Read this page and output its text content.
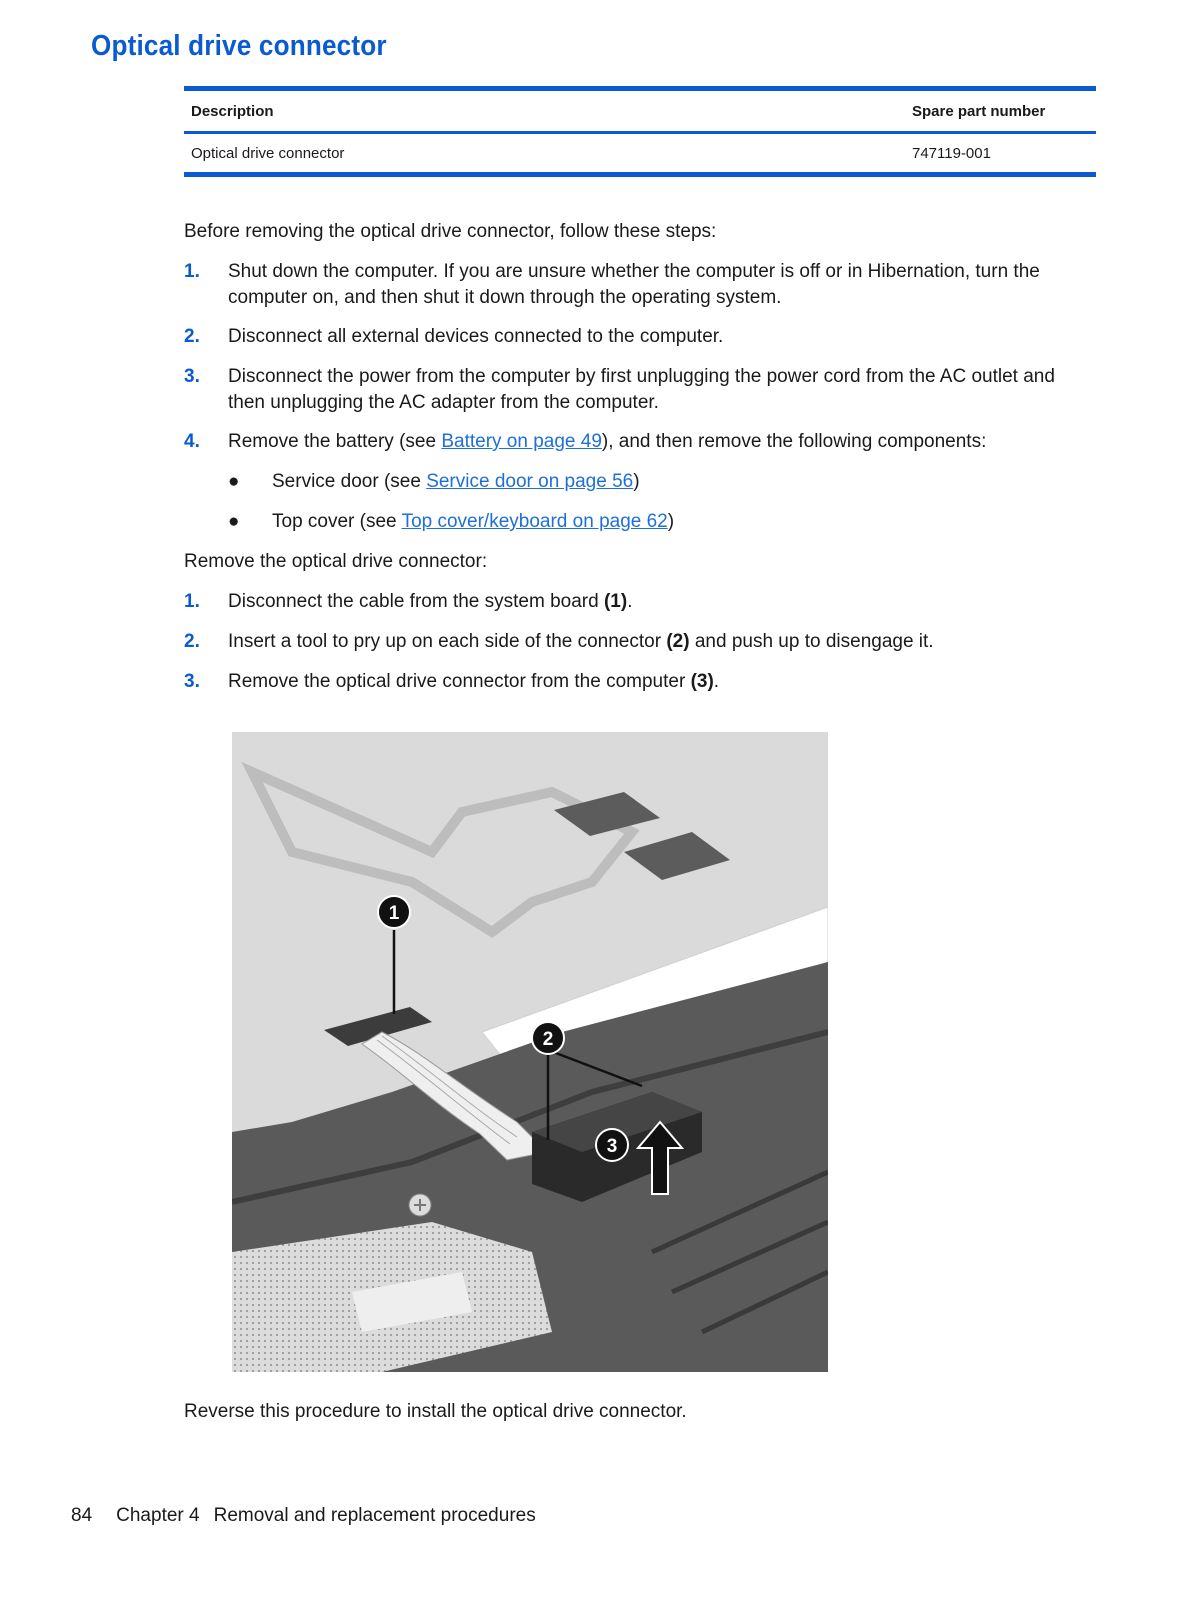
Optical drive connector
Description	Spare part number
Optical drive connector	747119-001

Before removing the optical drive connector, follow these steps:

1. Shut down the computer. If you are unsure whether the computer is off or in Hibernation, turn the computer on, and then shut it down through the operating system.
2. Disconnect all external devices connected to the computer.
3. Disconnect the power from the computer by first unplugging the power cord from the AC outlet and then unplugging the AC adapter from the computer.
4. Remove the battery (see Battery on page 49), and then remove the following components:
● Service door (see Service door on page 56)
● Top cover (see Top cover/keyboard on page 62)

Remove the optical drive connector:

1. Disconnect the cable from the system board (1).
2. Insert a tool to pry up on each side of the connector (2) and push up to disengage it.
3. Remove the optical drive connector from the computer (3).
1
2
3

Reverse this procedure to install the optical drive connector.

84 Chapter 4 Removal and replacement procedures
